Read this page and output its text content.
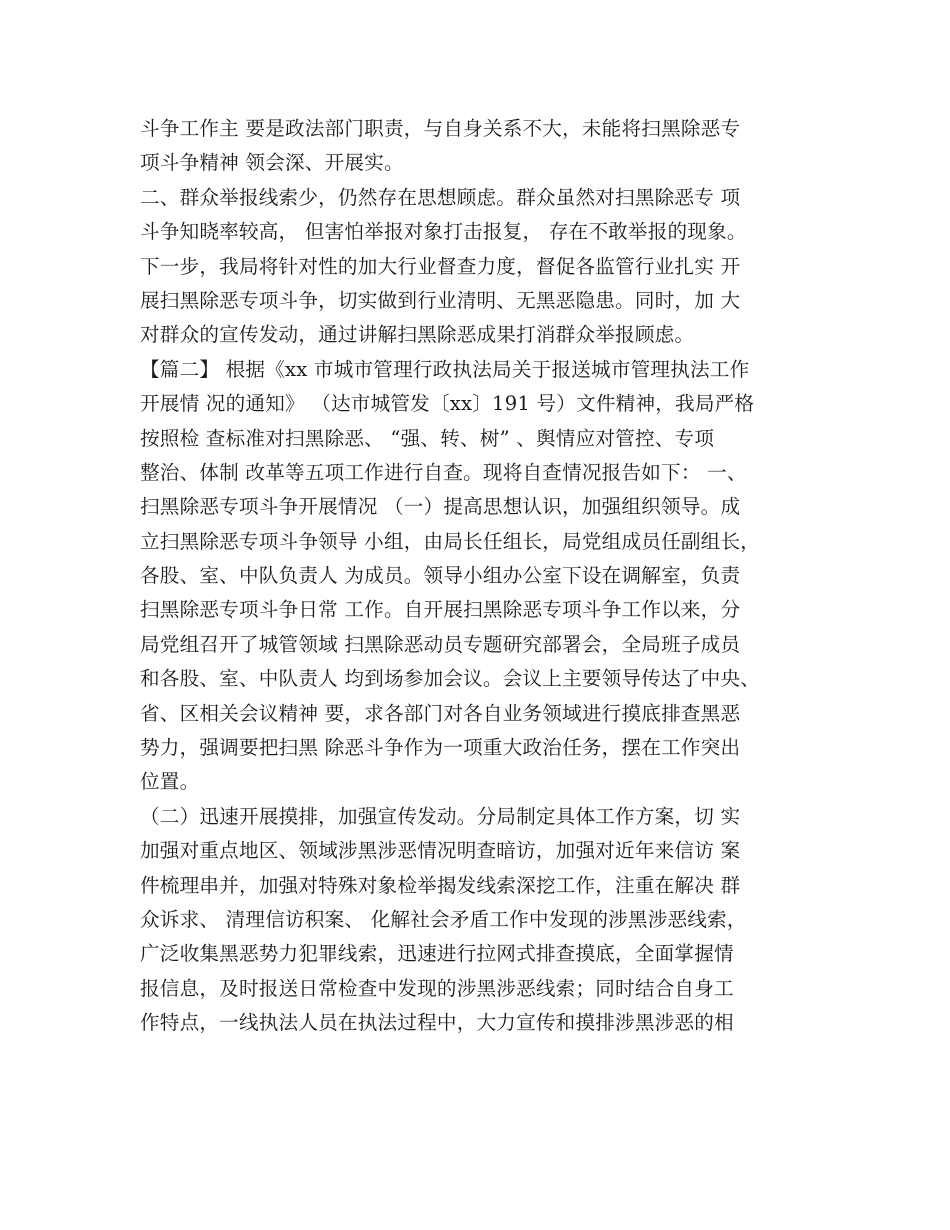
斗争工作主 要是政法部门职责，与自身关系不大，未能将扫黑除恶专
项斗争精神 领会深、开展实。
二、群众举报线索少，仍然存在思想顾虑。群众虽然对扫黑除恶专 项
斗争知晓率较高， 但害怕举报对象打击报复， 存在不敢举报的现象。
下一步，我局将针对性的加大行业督查力度，督促各监管行业扎实 开
展扫黑除恶专项斗争，切实做到行业清明、无黑恶隐患。同时，加 大
对群众的宣传发动，通过讲解扫黑除恶成果打消群众举报顾虑。
【篇二】 根据《xx 市城市管理行政执法局关于报送城市管理执法工作
开展情 况的通知》 （达市城管发〔xx〕191 号）文件精神，我局严格
按照检 查标准对扫黑除恶、 “强、转、树” 、舆情应对管控、专项
整治、体制 改革等五项工作进行自查。现将自查情况报告如下： 一、
扫黑除恶专项斗争开展情况 （一）提高思想认识，加强组织领导。成
立扫黑除恶专项斗争领导 小组，由局长任组长，局党组成员任副组长，
各股、室、中队负责人 为成员。领导小组办公室下设在调解室，负责
扫黑除恶专项斗争日常 工作。自开展扫黑除恶专项斗争工作以来，分
局党组召开了城管领域 扫黑除恶动员专题研究部署会，全局班子成员
和各股、室、中队责人 均到场参加会议。会议上主要领导传达了中央、
省、区相关会议精神 要，求各部门对各自业务领域进行摸底排查黑恶
势力，强调要把扫黑 除恶斗争作为一项重大政治任务，摆在工作突出
位置。
（二）迅速开展摸排，加强宣传发动。分局制定具体工作方案，切 实
加强对重点地区、领域涉黑涉恶情况明查暗访，加强对近年来信访 案
件梳理串并，加强对特殊对象检举揭发线索深挖工作，注重在解决 群
众诉求、 清理信访积案、 化解社会矛盾工作中发现的涉黑涉恶线索，
广泛收集黑恶势力犯罪线索，迅速进行拉网式排查摸底，全面掌握情
报信息，及时报送日常检查中发现的涉黑涉恶线索；同时结合自身工
作特点，一线执法人员在执法过程中，大力宣传和摸排涉黑涉恶的相
